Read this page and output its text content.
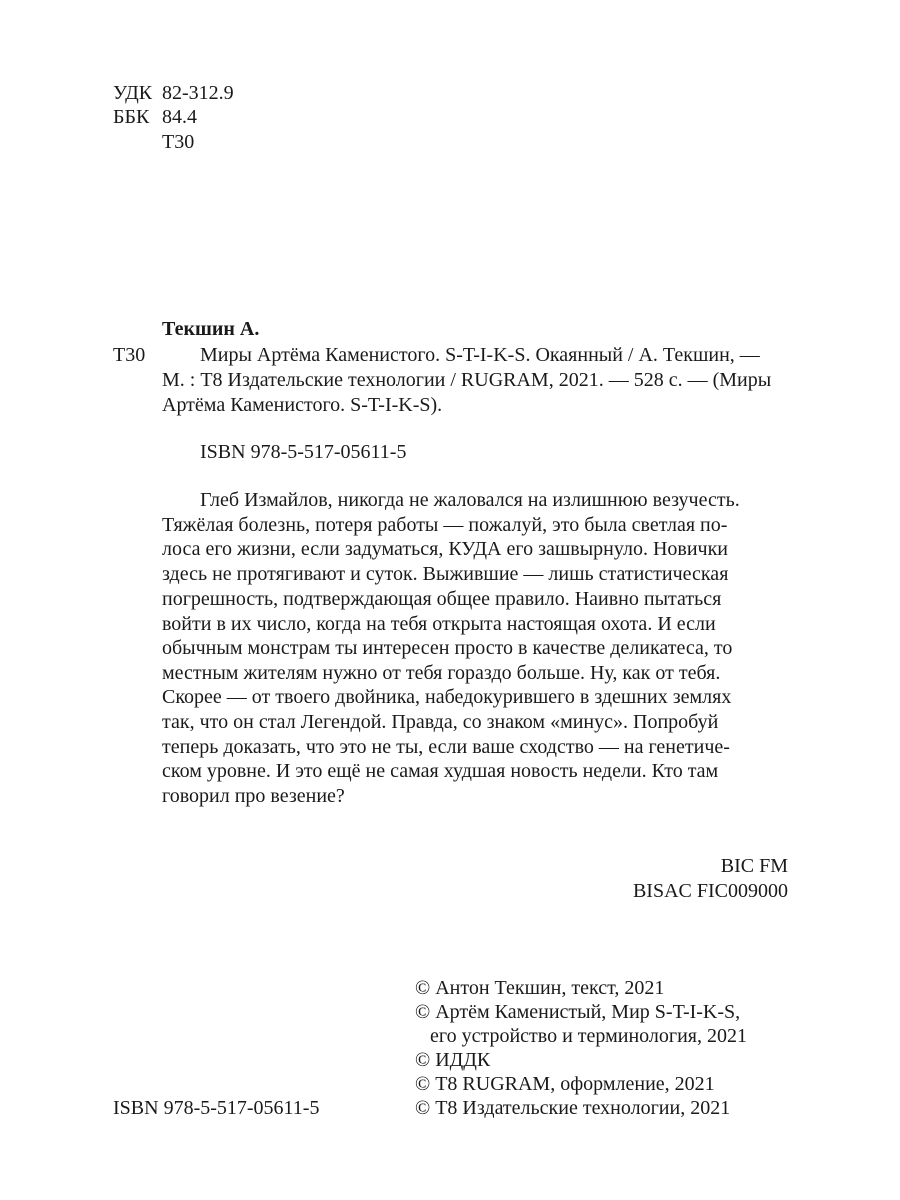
УДК 82-312.9
ББК 84.4
Т30
Текшин А.
Т30	Миры Артёма Каменистого. S-T-I-K-S. Окаянный / А. Текшин, —
М. : Т8 Издательские технологии / RUGRAM, 2021. — 528 с. — (Миры
Артёма Каменистого. S-T-I-K-S).
ISBN 978-5-517-05611-5
Глеб Измайлов, никогда не жаловался на излишнюю везучесть.
Тяжёлая болезнь, потеря работы — пожалуй, это была светлая по-
лоса его жизни, если задуматься, КУДА его зашвырнуло. Новички
здесь не протягивают и суток. Выжившие — лишь статистическая
погрешность, подтверждающая общее правило. Наивно пытаться
войти в их число, когда на тебя открыта настоящая охота. И если
обычным монстрам ты интересен просто в качестве деликатеса, то
местным жителям нужно от тебя гораздо больше. Ну, как от тебя.
Скорее — от твоего двойника, набедокурившего в здешних землях
так, что он стал Легендой. Правда, со знаком «минус». Попробуй
теперь доказать, что это не ты, если ваше сходство — на генетиче-
ском уровне. И это ещё не самая худшая новость недели. Кто там
говорил про везение?
BIC FM
BISAC FIC009000
© Антон Текшин, текст, 2021
© Артём Каменистый, Мир S-T-I-K-S,
его устройство и терминология, 2021
© ИДДК
© Т8 RUGRAM, оформление, 2021
© Т8 Издательские технологии, 2021
ISBN 978-5-517-05611-5
